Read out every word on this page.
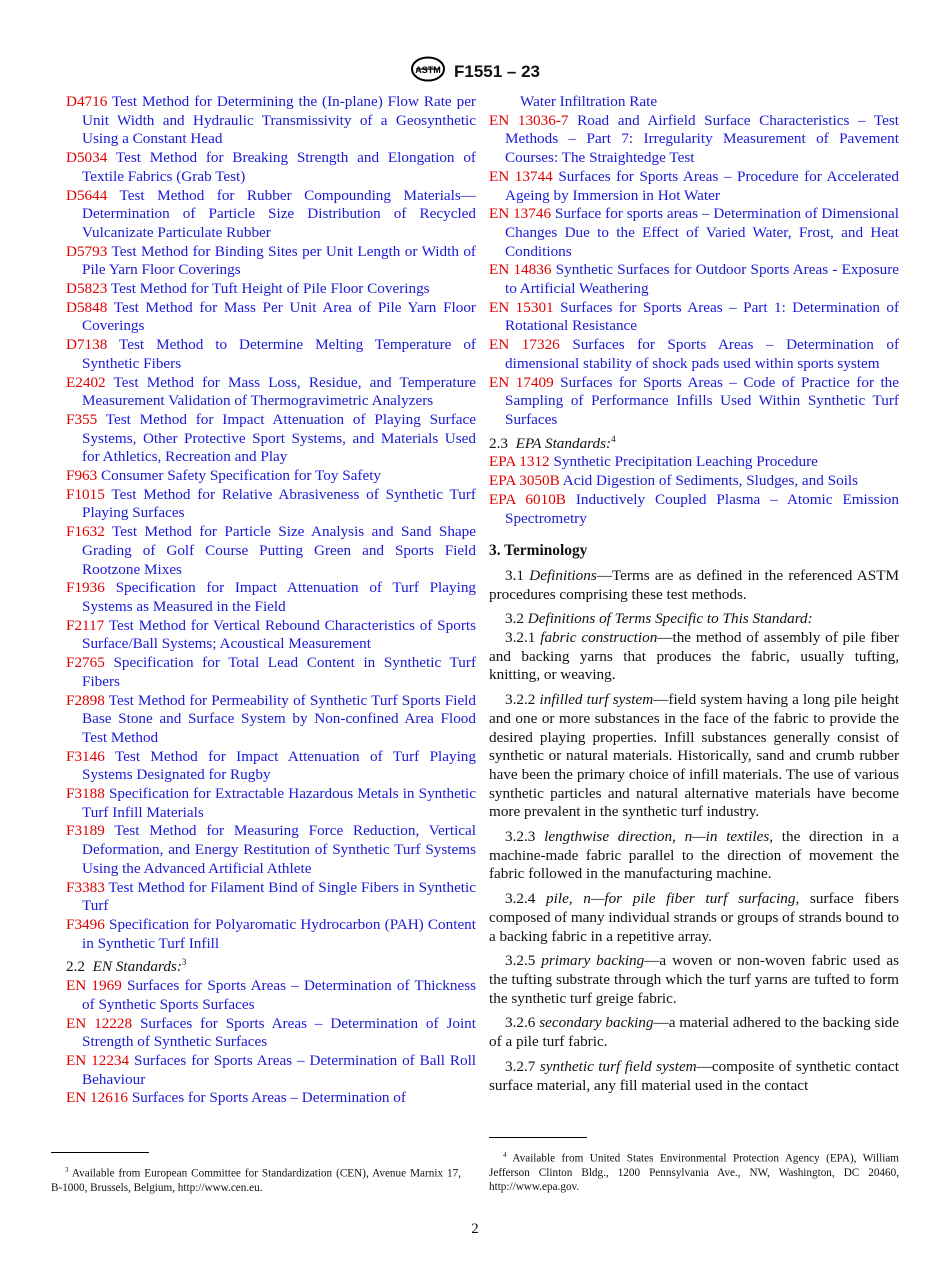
ASTM F1551 – 23

D4716 Test Method for Determining the (In-plane) Flow Rate per Unit Width and Hydraulic Transmissivity of a Geosynthetic Using a Constant Head

D5034 Test Method for Breaking Strength and Elongation of Textile Fabrics (Grab Test)

D5644 Test Method for Rubber Compounding Materials—Determination of Particle Size Distribution of Recycled Vulcanizate Particulate Rubber

D5793 Test Method for Binding Sites per Unit Length or Width of Pile Yarn Floor Coverings

D5823 Test Method for Tuft Height of Pile Floor Coverings

D5848 Test Method for Mass Per Unit Area of Pile Yarn Floor Coverings

D7138 Test Method to Determine Melting Temperature of Synthetic Fibers

E2402 Test Method for Mass Loss, Residue, and Temperature Measurement Validation of Thermogravimetric Analyzers

F355 Test Method for Impact Attenuation of Playing Surface Systems, Other Protective Sport Systems, and Materials Used for Athletics, Recreation and Play

F963 Consumer Safety Specification for Toy Safety

F1015 Test Method for Relative Abrasiveness of Synthetic Turf Playing Surfaces

F1632 Test Method for Particle Size Analysis and Sand Shape Grading of Golf Course Putting Green and Sports Field Rootzone Mixes

F1936 Specification for Impact Attenuation of Turf Playing Systems as Measured in the Field

F2117 Test Method for Vertical Rebound Characteristics of Sports Surface/Ball Systems; Acoustical Measurement

F2765 Specification for Total Lead Content in Synthetic Turf Fibers

F2898 Test Method for Permeability of Synthetic Turf Sports Field Base Stone and Surface System by Non-confined Area Flood Test Method

F3146 Test Method for Impact Attenuation of Turf Playing Systems Designated for Rugby

F3188 Specification for Extractable Hazardous Metals in Synthetic Turf Infill Materials

F3189 Test Method for Measuring Force Reduction, Vertical Deformation, and Energy Restitution of Synthetic Turf Systems Using the Advanced Artificial Athlete

F3383 Test Method for Filament Bind of Single Fibers in Synthetic Turf

F3496 Specification for Polyaromatic Hydrocarbon (PAH) Content in Synthetic Turf Infill

2.2 EN Standards:$^3$

EN 1969 Surfaces for Sports Areas – Determination of Thickness of Synthetic Sports Surfaces

EN 12228 Surfaces for Sports Areas – Determination of Joint Strength of Synthetic Surfaces

EN 12234 Surfaces for Sports Areas – Determination of Ball Roll Behaviour

EN 12616 Surfaces for Sports Areas – Determination of

Water Infiltration Rate

EN 13036-7 Road and Airfield Surface Characteristics – Test Methods – Part 7: Irregularity Measurement of Pavement Courses: The Straightedge Test

EN 13744 Surfaces for Sports Areas – Procedure for Accelerated Ageing by Immersion in Hot Water

EN 13746 Surface for sports areas – Determination of Dimensional Changes Due to the Effect of Varied Water, Frost, and Heat Conditions

EN 14836 Synthetic Surfaces for Outdoor Sports Areas - Exposure to Artificial Weathering

EN 15301 Surfaces for Sports Areas – Part 1: Determination of Rotational Resistance

EN 17326 Surfaces for Sports Areas – Determination of dimensional stability of shock pads used within sports system

EN 17409 Surfaces for Sports Areas – Code of Practice for the Sampling of Performance Infills Used Within Synthetic Turf Surfaces

2.3 EPA Standards:$^4$

EPA 1312 Synthetic Precipitation Leaching Procedure

EPA 3050B Acid Digestion of Sediments, Sludges, and Soils

EPA 6010B Inductively Coupled Plasma – Atomic Emission Spectrometry

3. Terminology

3.1 Definitions—Terms are as defined in the referenced ASTM procedures comprising these test methods.

3.2 Definitions of Terms Specific to This Standard:

3.2.1 fabric construction—the method of assembly of pile fiber and backing yarns that produces the fabric, usually tufting, knitting, or weaving.

3.2.2 infilled turf system—field system having a long pile height and one or more substances in the face of the fabric to provide the desired playing properties. Infill substances generally consist of synthetic or natural materials. Historically, sand and crumb rubber have been the primary choice of infill materials. The use of various synthetic particles and natural alternative materials have become more prevalent in the synthetic turf industry.

3.2.3 lengthwise direction, n—in textiles, the direction in a machine-made fabric parallel to the direction of movement the fabric followed in the manufacturing machine.

3.2.4 pile, n—for pile fiber turf surfacing, surface fibers composed of many individual strands or groups of strands bound to a backing fabric in a repetitive array.

3.2.5 primary backing—a woven or non-woven fabric used as the tufting substrate through which the turf yarns are tufted to form the synthetic turf greige fabric.

3.2.6 secondary backing—a material adhered to the backing side of a pile turf fabric.

3.2.7 synthetic turf field system—composite of synthetic contact surface material, any fill material used in the contact

$^3$ Available from European Committee for Standardization (CEN), Avenue Marnix 17, B-1000, Brussels, Belgium, http://www.cen.eu.
$^4$ Available from United States Environmental Protection Agency (EPA), William Jefferson Clinton Bldg., 1200 Pennsylvania Ave., NW, Washington, DC 20460, http://www.epa.gov.
2
